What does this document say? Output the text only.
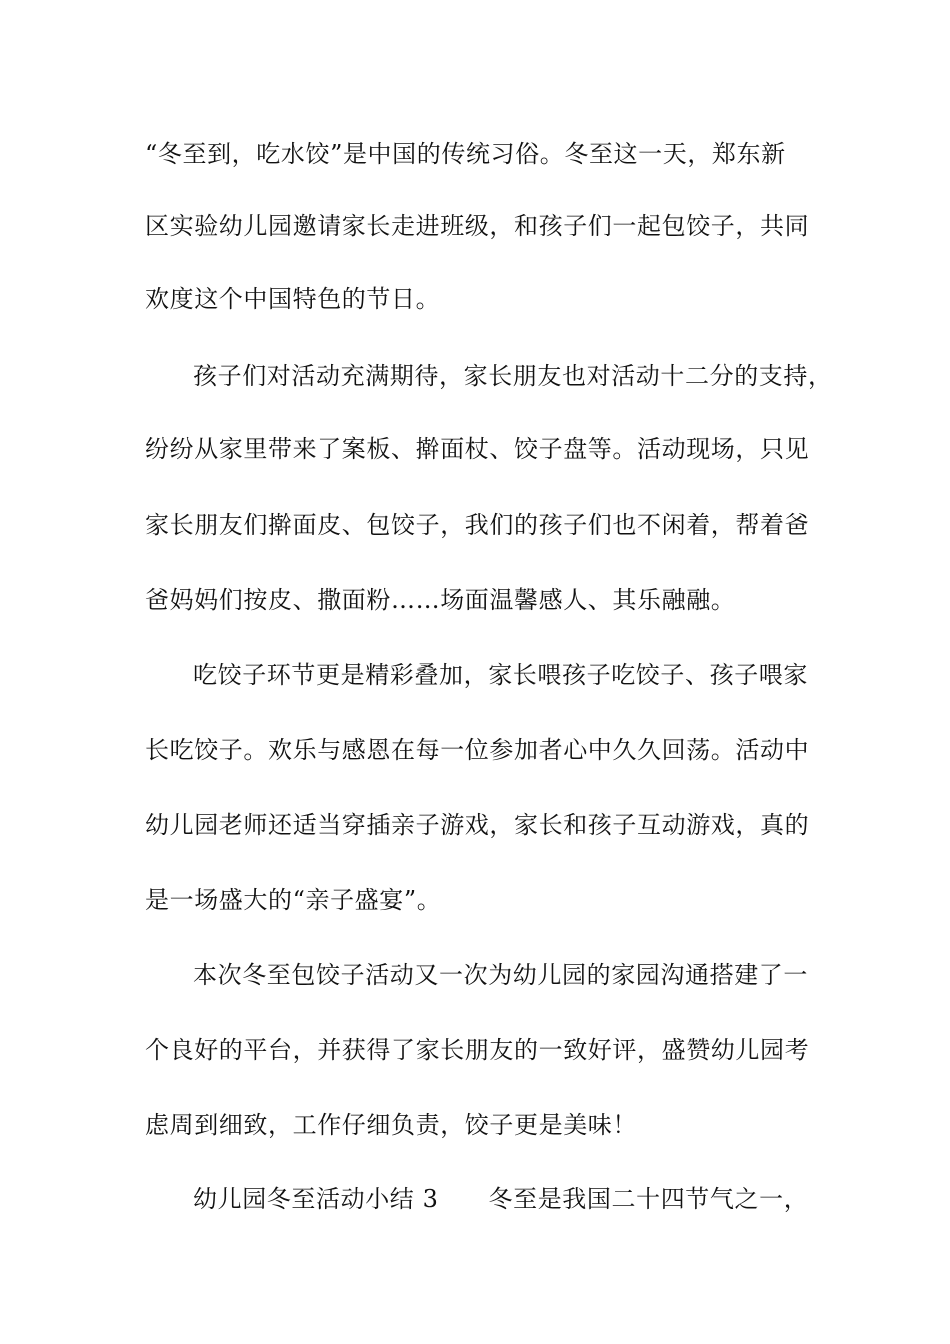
“冬至到，吃水饺”是中国的传统习俗。冬至这一天，郑东新
区实验幼儿园邀请家长走进班级，和孩子们一起包饺子，共同
欢度这个中国特色的节日。
孩子们对活动充满期待，家长朋友也对活动十二分的支持，
纷纷从家里带来了案板、擀面杖、饺子盘等。活动现场，只见
家长朋友们擀面皮、包饺子，我们的孩子们也不闲着，帮着爸
爸妈妈们按皮、撒面粉……场面温馨感人、其乐融融。
吃饺子环节更是精彩叠加，家长喂孩子吃饺子、孩子喂家
长吃饺子。欢乐与感恩在每一位参加者心中久久回荡。活动中
幼儿园老师还适当穿插亲子游戏，家长和孩子互动游戏，真的
是一场盛大的“亲子盛宴”。
本次冬至包饺子活动又一次为幼儿园的家园沟通搭建了一
个良好的平台，并获得了家长朋友的一致好评，盛赞幼儿园考
虑周到细致，工作仔细负责，饺子更是美味！
幼儿园冬至活动小结 3 冬至是我国二十四节气之一，
